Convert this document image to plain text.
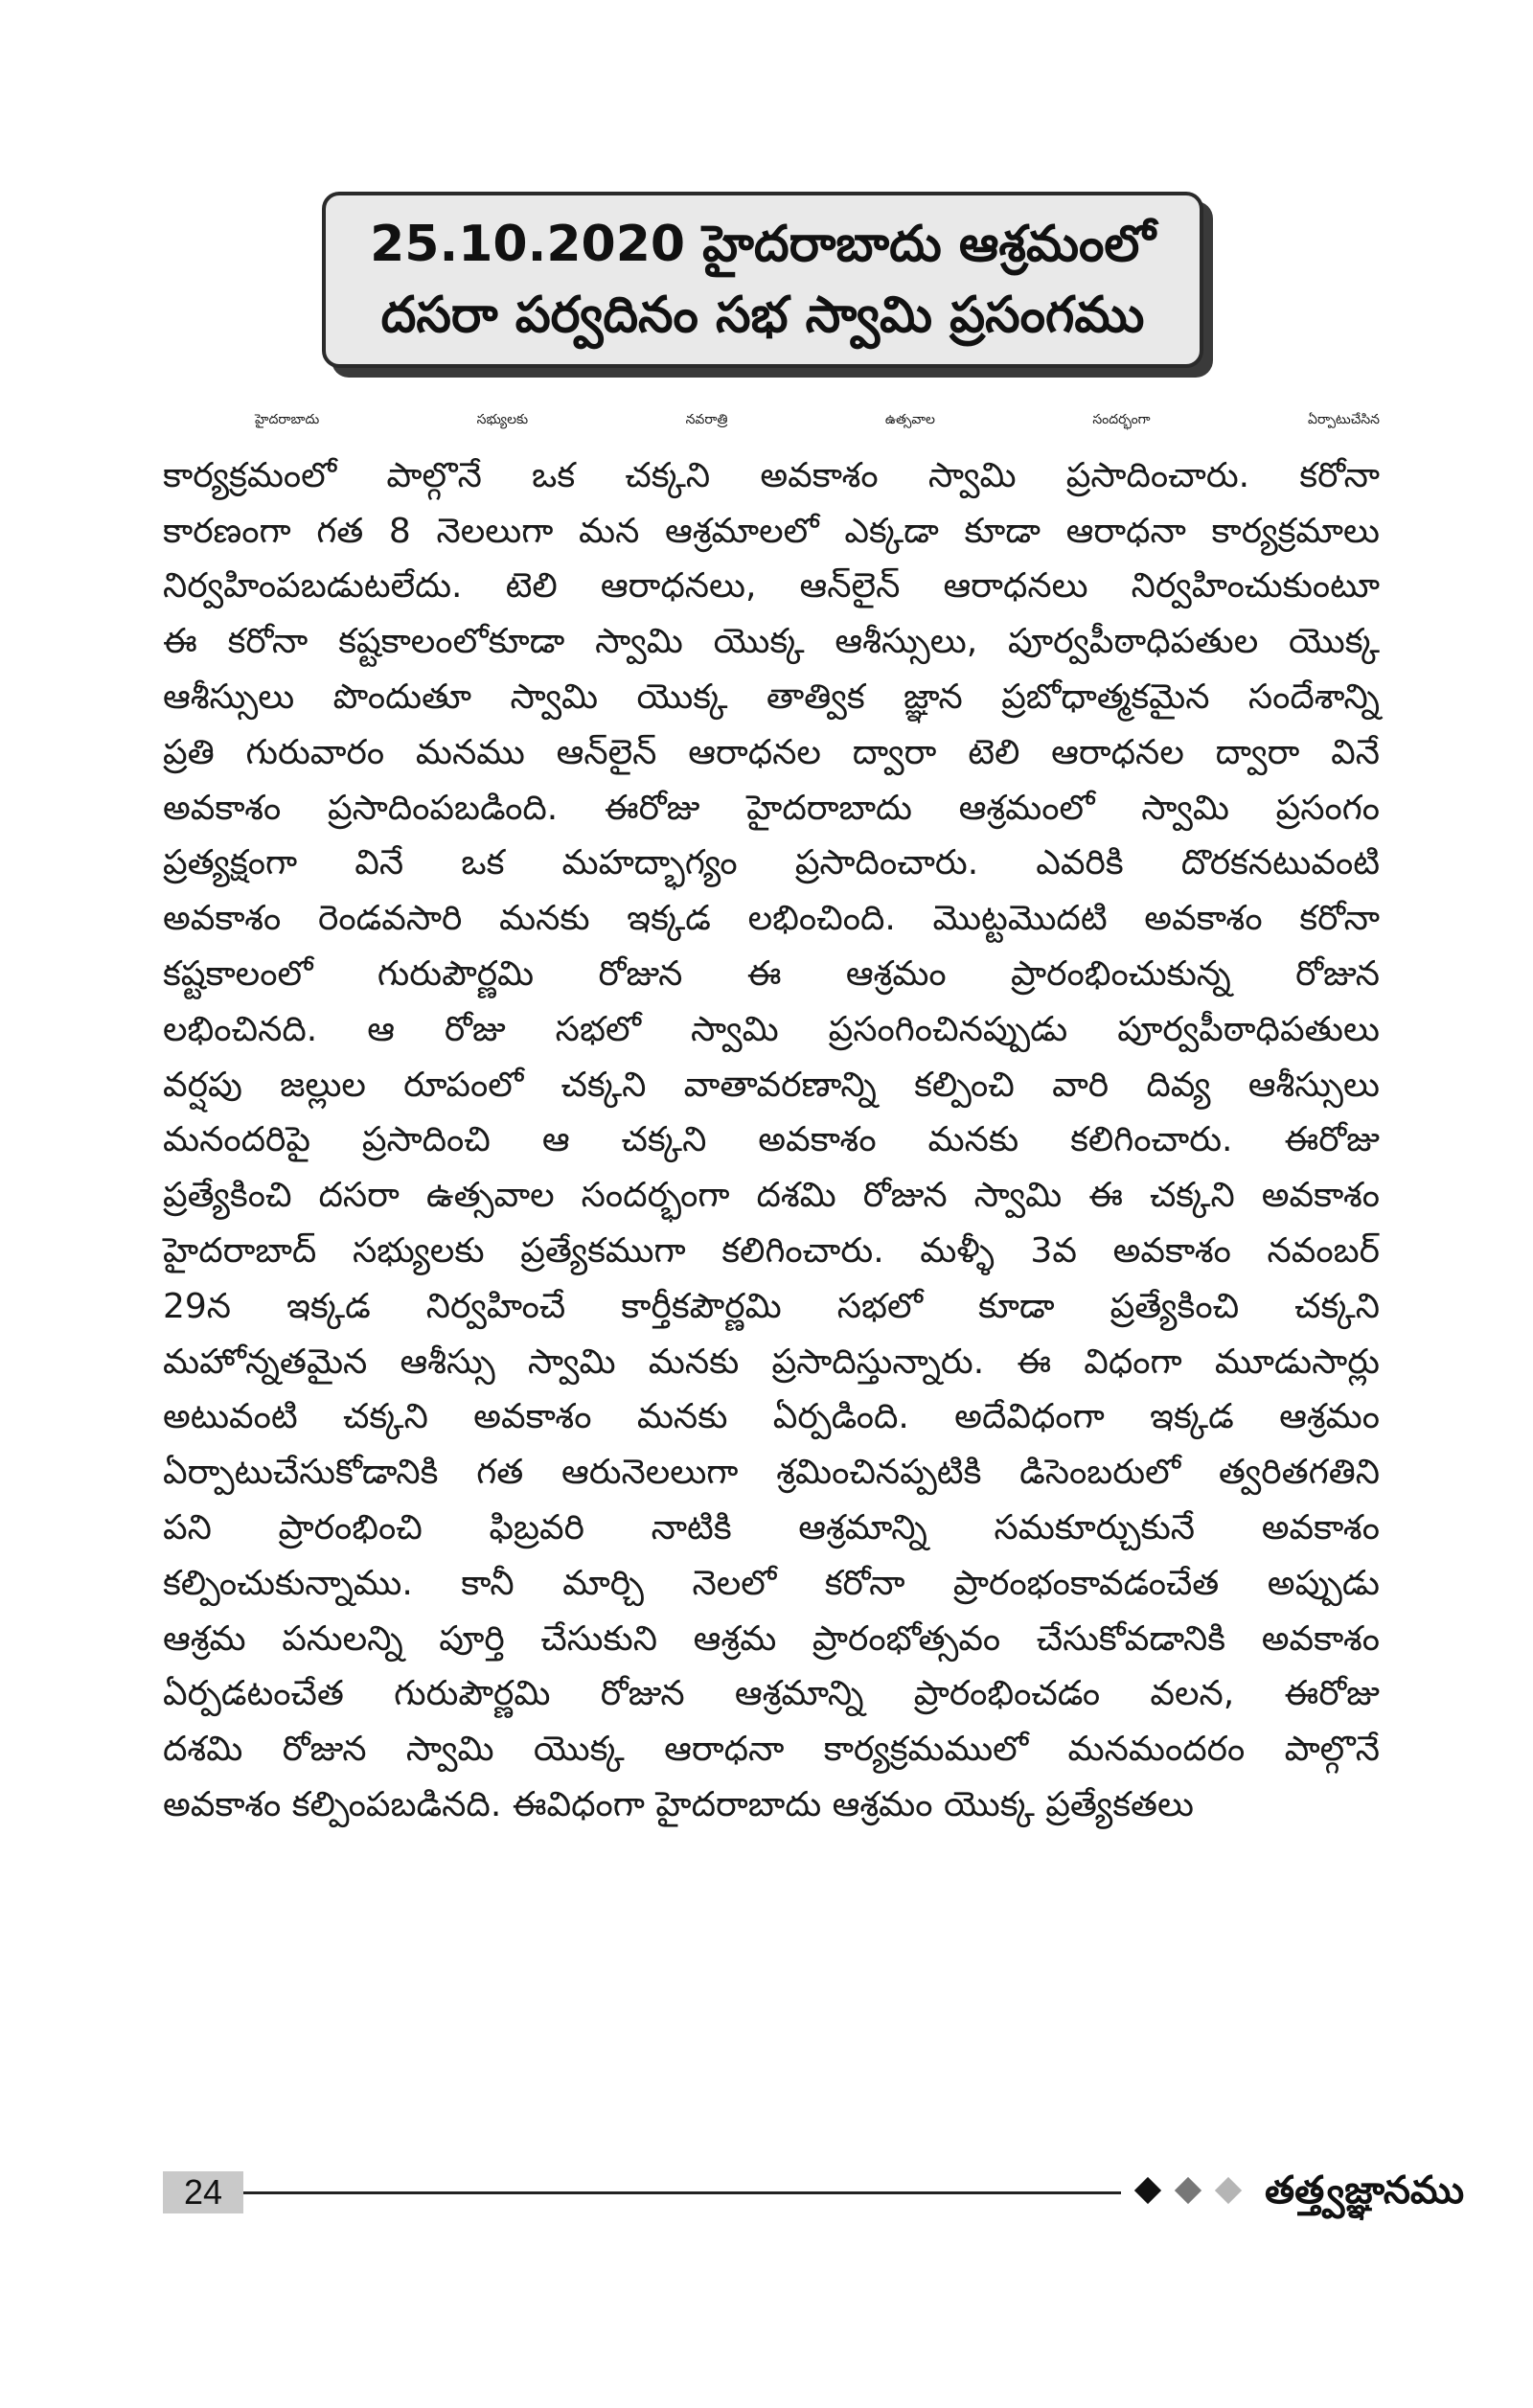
25.10.2020 హైదరాబాదు ఆశ్రమంలో
దసరా పర్వదినం సభ స్వామి ప్రసంగము
హైదరాబాదు సభ్యులకు నవరాత్రి ఉత్సవాల సందర్భంగా ఏర్పాటుచేసిన
కార్యక్రమంలో పాల్గొనే ఒక చక్కని అవకాశం స్వామి ప్రసాదించారు. కరోనా
కారణంగా గత 8 నెలలుగా మన ఆశ్రమాలలో ఎక్కడా కూడా ఆరాధనా కార్యక్రమాలు
నిర్వహింపబడుటలేదు. టెలి ఆరాధనలు, ఆన్‌లైన్ ఆరాధనలు నిర్వహించుకుంటూ
ఈ కరోనా కష్టకాలంలోకూడా స్వామి యొక్క ఆశీస్సులు, పూర్వపీఠాధిపతుల యొక్క
ఆశీస్సులు పొందుతూ స్వామి యొక్క తాత్విక జ్ఞాన ప్రబోధాత్మకమైన సందేశాన్ని
ప్రతి గురువారం మనము ఆన్‌లైన్ ఆరాధనల ద్వారా టెలి ఆరాధనల ద్వారా వినే
అవకాశం ప్రసాదింపబడింది. ఈరోజు హైదరాబాదు ఆశ్రమంలో స్వామి ప్రసంగం
ప్రత్యక్షంగా వినే ఒక మహద్భాగ్యం ప్రసాదించారు. ఎవరికి దొరకనటువంటి
అవకాశం రెండవసారి మనకు ఇక్కడ లభించింది. మొట్టమొదటి అవకాశం కరోనా
కష్టకాలంలో గురుపౌర్ణమి రోజున ఈ ఆశ్రమం ప్రారంభించుకున్న రోజున
లభించినది. ఆ రోజు సభలో స్వామి ప్రసంగించినప్పుడు పూర్వపీఠాధిపతులు
వర్షపు జల్లుల రూపంలో చక్కని వాతావరణాన్ని కల్పించి వారి దివ్య ఆశీస్సులు
మనందరిపై ప్రసాదించి ఆ చక్కని అవకాశం మనకు కలిగించారు. ఈరోజు
ప్రత్యేకించి దసరా ఉత్సవాల సందర్భంగా దశమి రోజున స్వామి ఈ చక్కని అవకాశం
హైదరాబాద్ సభ్యులకు ప్రత్యేకముగా కలిగించారు. మళ్ళీ 3వ అవకాశం నవంబర్
29న ఇక్కడ నిర్వహించే కార్తీకపౌర్ణమి సభలో కూడా ప్రత్యేకించి చక్కని
మహోన్నతమైన ఆశీస్సు స్వామి మనకు ప్రసాదిస్తున్నారు. ఈ విధంగా మూడుసార్లు
అటువంటి చక్కని అవకాశం మనకు ఏర్పడింది. అదేవిధంగా ఇక్కడ ఆశ్రమం
ఏర్పాటుచేసుకోడానికి గత ఆరునెలలుగా శ్రమించినప్పటికి డిసెంబరులో త్వరితగతిని
పని ప్రారంభించి ఫిబ్రవరి నాటికి ఆశ్రమాన్ని సమకూర్చుకునే అవకాశం
కల్పించుకున్నాము. కానీ మార్చి నెలలో కరోనా ప్రారంభంకావడంచేత అప్పుడు
ఆశ్రమ పనులన్ని పూర్తి చేసుకుని ఆశ్రమ ప్రారంభోత్సవం చేసుకోవడానికి అవకాశం
ఏర్పడటంచేత గురుపౌర్ణమి రోజున ఆశ్రమాన్ని ప్రారంభించడం వలన, ఈరోజు
దశమి రోజున స్వామి యొక్క ఆరాధనా కార్యక్రమములో మనమందరం పాల్గొనే
అవకాశం కల్పింపబడినది. ఈవిధంగా హైదరాబాదు ఆశ్రమం యొక్క ప్రత్యేకతలు
24	తత్త్వజ్ఞానము
